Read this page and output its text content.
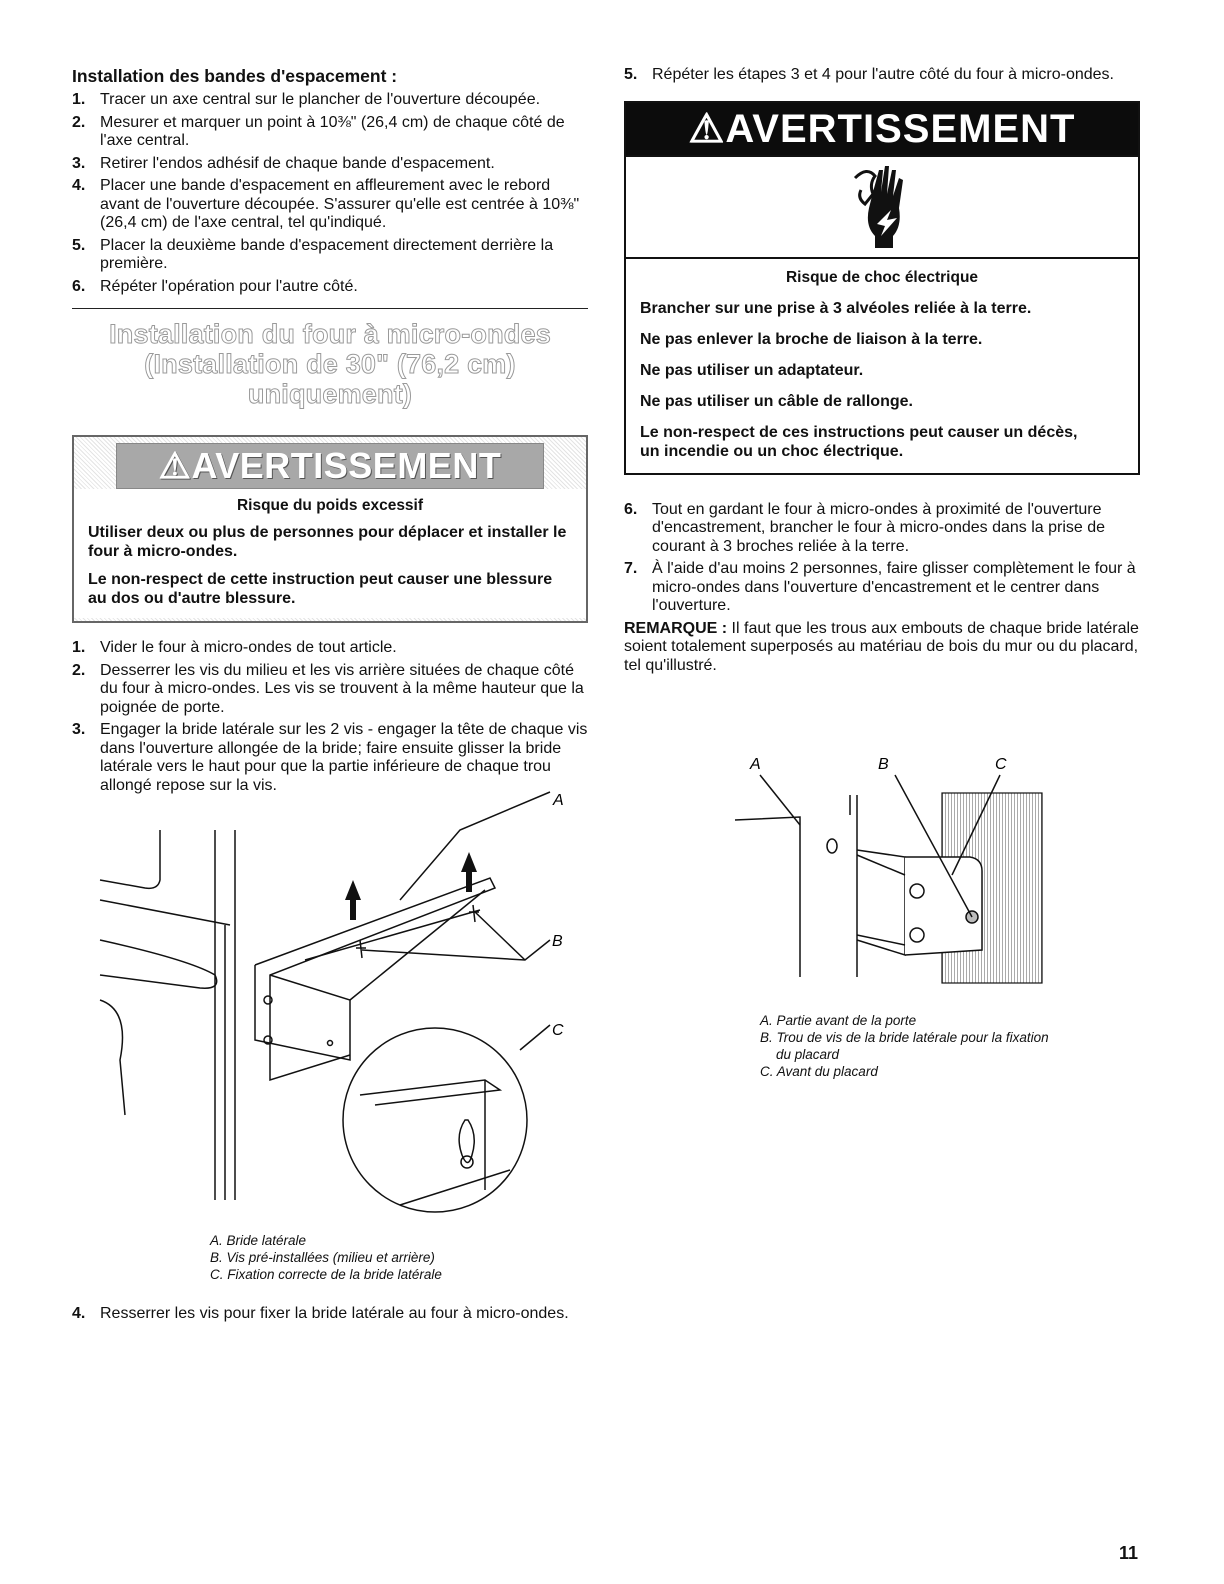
Installation des bandes d'espacement :
1. Tracer un axe central sur le plancher de l'ouverture découpée.
2. Mesurer et marquer un point à 10⅜" (26,4 cm) de chaque côté de l'axe central.
3. Retirer l'endos adhésif de chaque bande d'espacement.
4. Placer une bande d'espacement en affleurement avec le rebord avant de l'ouverture découpée. S'assurer qu'elle est centrée à 10⅜" (26,4 cm) de l'axe central, tel qu'indiqué.
5. Placer la deuxième bande d'espacement directement derrière la première.
6. Répéter l'opération pour l'autre côté.
Installation du four à micro-ondes
(Installation de 30" (76,2 cm) uniquement)
⚠AVERTISSEMENT
Risque du poids excessif
Utiliser deux ou plus de personnes pour déplacer et installer le four à micro-ondes.
Le non-respect de cette instruction peut causer une blessure au dos ou d'autre blessure.
1. Vider le four à micro-ondes de tout article.
2. Desserrer les vis du milieu et les vis arrière situées de chaque côté du four à micro-ondes. Les vis se trouvent à la même hauteur que la poignée de porte.
3. Engager la bride latérale sur les 2 vis - engager la tête de chaque vis dans l'ouverture allongée de la bride; faire ensuite glisser la bride latérale vers le haut pour que la partie inférieure de chaque trou allongé repose sur la vis.
A
B
C
A. Bride latérale
B. Vis pré-installées (milieu et arrière)
C. Fixation correcte de la bride latérale
4. Resserrer les vis pour fixer la bride latérale au four à micro-ondes.
5. Répéter les étapes 3 et 4 pour l'autre côté du four à micro-ondes.
⚠AVERTISSEMENT
Risque de choc électrique
Brancher sur une prise à 3 alvéoles reliée à la terre.
Ne pas enlever la broche de liaison à la terre.
Ne pas utiliser un adaptateur.
Ne pas utiliser un câble de rallonge.
Le non-respect de ces instructions peut causer un décès, un incendie ou un choc électrique.
6. Tout en gardant le four à micro-ondes à proximité de l'ouverture d'encastrement, brancher le four à micro-ondes dans la prise de courant à 3 broches reliée à la terre.
7. À l'aide d'au moins 2 personnes, faire glisser complètement le four à micro-ondes dans l'ouverture d'encastrement et le centrer dans l'ouverture.
REMARQUE : Il faut que les trous aux embouts de chaque bride latérale soient totalement superposés au matériau de bois du mur ou du placard, tel qu'illustré.
A	B	C
A. Partie avant de la porte
B. Trou de vis de la bride latérale pour la fixation du placard
C. Avant du placard
11
